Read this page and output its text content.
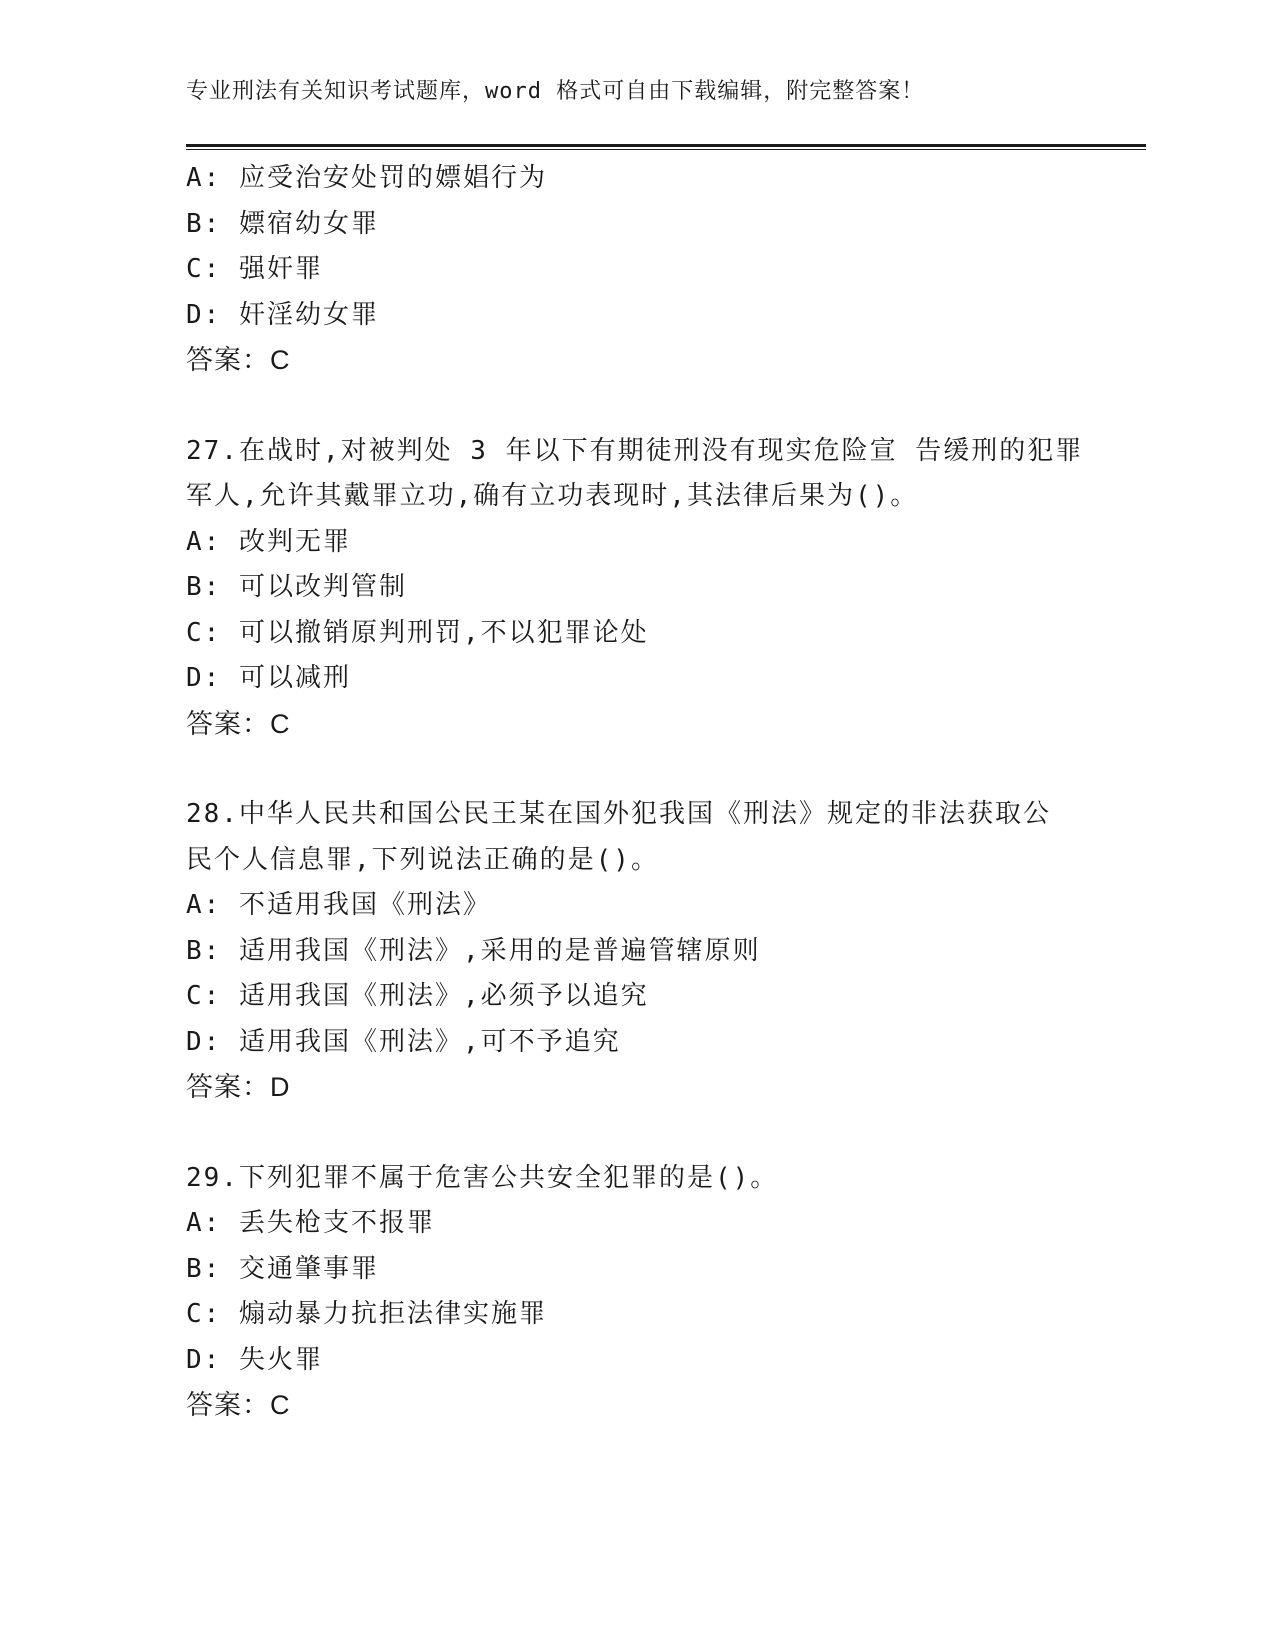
专业刑法有关知识考试题库，word 格式可自由下载编辑，附完整答案！
A: 应受治安处罚的嫖娼行为
B: 嫖宿幼女罪
C: 强奸罪
D: 奸淫幼女罪
答案：C
27.在战时,对被判处 3 年以下有期徒刑没有现实危险宣 告缓刑的犯罪
军人,允许其戴罪立功,确有立功表现时,其法律后果为()。
A: 改判无罪
B: 可以改判管制
C: 可以撤销原判刑罚,不以犯罪论处
D: 可以减刑
答案：C
28.中华人民共和国公民王某在国外犯我国《刑法》规定的非法获取公
民个人信息罪,下列说法正确的是()。
A: 不适用我国《刑法》
B: 适用我国《刑法》,采用的是普遍管辖原则
C: 适用我国《刑法》,必须予以追究
D: 适用我国《刑法》,可不予追究
答案：D
29.下列犯罪不属于危害公共安全犯罪的是()。
A: 丢失枪支不报罪
B: 交通肇事罪
C: 煽动暴力抗拒法律实施罪
D: 失火罪
答案：C
